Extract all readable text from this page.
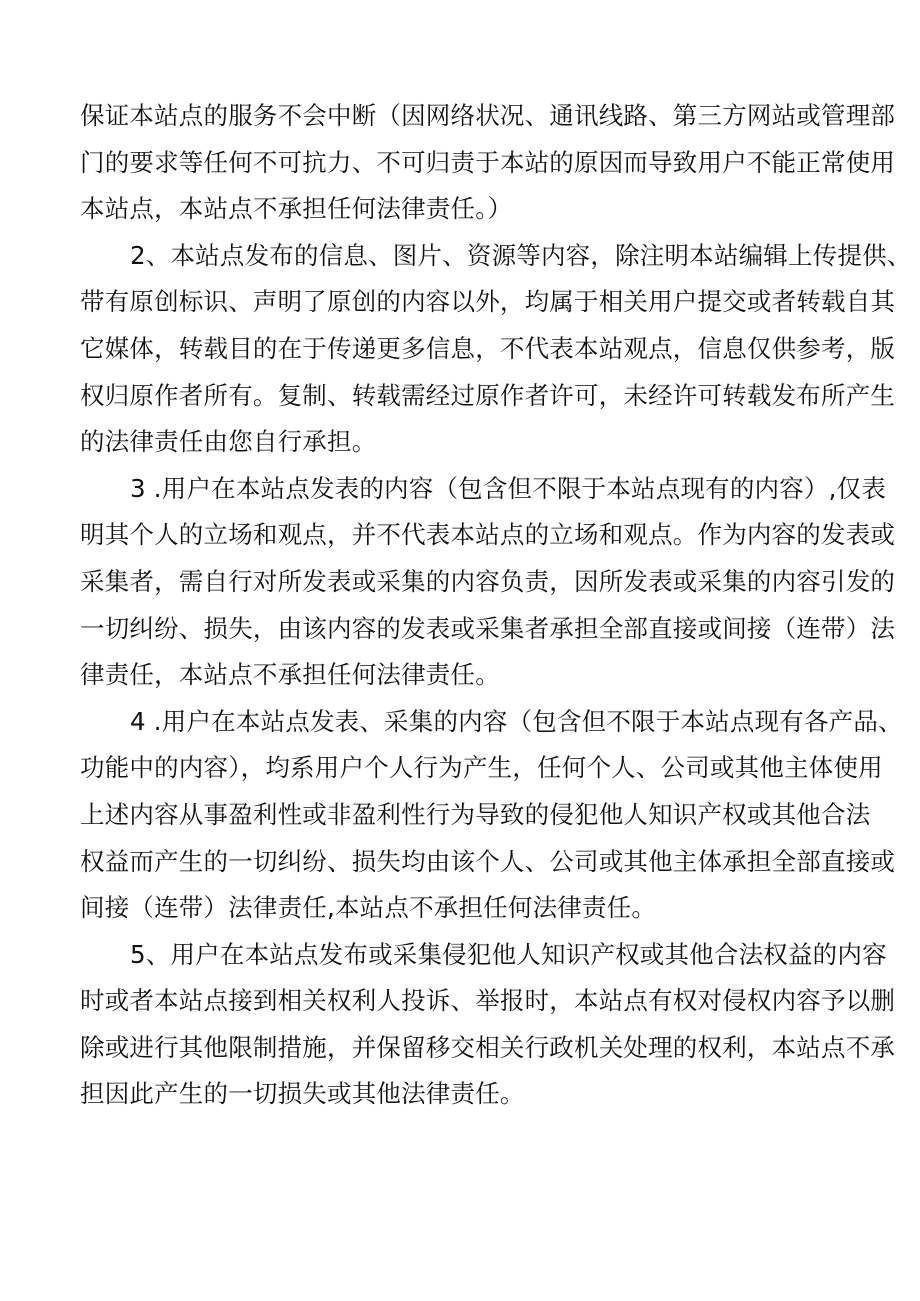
保证本站点的服务不会中断（因网络状况、通讯线路、第三方网站或管理部
门的要求等任何不可抗力、不可归责于本站的原因而导致用户不能正常使用
本站点，本站点不承担任何法律责任。）
2、本站点发布的信息、图片、资源等内容，除注明本站编辑上传提供、
带有原创标识、声明了原创的内容以外，均属于相关用户提交或者转载自其
它媒体，转载目的在于传递更多信息，不代表本站观点，信息仅供参考，版
权归原作者所有。复制、转载需经过原作者许可，未经许可转载发布所产生
的法律责任由您自行承担。
3 .用户在本站点发表的内容（包含但不限于本站点现有的内容）,仅表
明其个人的立场和观点，并不代表本站点的立场和观点。作为内容的发表或
采集者，需自行对所发表或采集的内容负责，因所发表或采集的内容引发的
一切纠纷、损失，由该内容的发表或采集者承担全部直接或间接（连带）法
律责任，本站点不承担任何法律责任。
4 .用户在本站点发表、采集的内容（包含但不限于本站点现有各产品、
功能中的内容），均系用户个人行为产生，任何个人、公司或其他主体使用
上述内容从事盈利性或非盈利性行为导致的侵犯他人知识产权或其他合法
权益而产生的一切纠纷、损失均由该个人、公司或其他主体承担全部直接或
间接（连带）法律责任,本站点不承担任何法律责任。
5、用户在本站点发布或采集侵犯他人知识产权或其他合法权益的内容
时或者本站点接到相关权利人投诉、举报时，本站点有权对侵权内容予以删
除或进行其他限制措施，并保留移交相关行政机关处理的权利，本站点不承
担因此产生的一切损失或其他法律责任。
